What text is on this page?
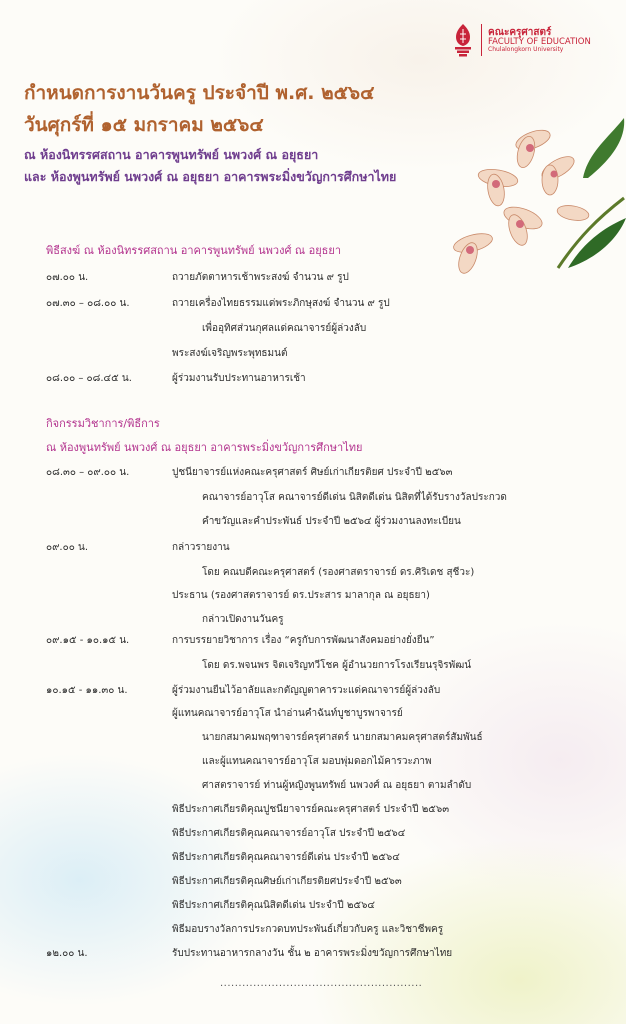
คณะครุศาสตร์
FACULTY OF EDUCATION
Chulalongkorn University
กำหนดการงานวันครู ประจำปี พ.ศ. ๒๕๖๔
วันศุกร์ที่ ๑๕ มกราคม ๒๕๖๔
ณ ห้องนิทรรศสถาน อาคารพูนทรัพย์ นพวงศ์ ณ อยุธยา
และ ห้องพูนทรัพย์ นพวงศ์ ณ อยุธยา อาคารพระมิ่งขวัญการศึกษาไทย
พิธีสงฆ์ ณ ห้องนิทรรศสถาน อาคารพูนทรัพย์ นพวงศ์ ณ อยุธยา
๐๗.๐๐ น.	ถวายภัตตาหารเช้าพระสงฆ์ จำนวน ๙ รูป
๐๗.๓๐ – ๐๘.๐๐ น.	ถวายเครื่องไทยธรรมแด่พระภิกษุสงฆ์ จำนวน ๙ รูป
เพื่ออุทิศส่วนกุศลแด่คณาจารย์ผู้ล่วงลับ
พระสงฆ์เจริญพระพุทธมนต์
๐๘.๐๐ – ๐๘.๔๕ น.	ผู้ร่วมงานรับประทานอาหารเช้า
กิจกรรมวิชาการ/พิธีการ
ณ ห้องพูนทรัพย์ นพวงศ์ ณ อยุธยา อาคารพระมิ่งขวัญการศึกษาไทย
๐๘.๓๐ – ๐๙.๐๐ น.	ปูชนียาจารย์แห่งคณะครุศาสตร์ ศิษย์เก่าเกียรติยศ ประจำปี ๒๕๖๓
คณาจารย์อาวุโส คณาจารย์ดีเด่น นิสิตดีเด่น นิสิตที่ได้รับรางวัลประกวด
คำขวัญและคำประพันธ์ ประจำปี ๒๕๖๔ ผู้ร่วมงานลงทะเบียน
๐๙.๐๐ น.	กล่าวรายงาน
โดย คณบดีคณะครุศาสตร์ (รองศาสตราจารย์ ดร.ศิริเดช สุชีวะ)
ประธาน (รองศาสตราจารย์ ดร.ประสาร มาลากุล ณ อยุธยา)
กล่าวเปิดงานวันครู
๐๙.๑๕ - ๑๐.๑๕ น.	การบรรยายวิชาการ เรื่อง “ครูกับการพัฒนาสังคมอย่างยั่งยืน”
โดย ดร.พจนพร จิตเจริญทวีโชค ผู้อำนวยการโรงเรียนรุจิรพัฒน์
๑๐.๑๕ - ๑๑.๓๐ น.	ผู้ร่วมงานยืนไว้อาลัยและกตัญญูตาคารวะแด่คณาจารย์ผู้ล่วงลับ
ผู้แทนคณาจารย์อาวุโส นำอ่านคำฉันท์บูชาบูรพาจารย์
นายกสมาคมพฤฑาจารย์ครุศาสตร์ นายกสมาคมครุศาสตร์สัมพันธ์
และผู้แทนคณาจารย์อาวุโส มอบพุ่มดอกไม้คารวะภาพ
ศาสตราจารย์ ท่านผู้หญิงพูนทรัพย์ นพวงศ์ ณ อยุธยา ตามลำดับ
พิธีประกาศเกียรติคุณปูชนียาจารย์คณะครุศาสตร์ ประจำปี ๒๕๖๓
พิธีประกาศเกียรติคุณคณาจารย์อาวุโส ประจำปี ๒๕๖๔
พิธีประกาศเกียรติคุณคณาจารย์ดีเด่น ประจำปี ๒๕๖๔
พิธีประกาศเกียรติคุณศิษย์เก่าเกียรติยศประจำปี ๒๕๖๓
พิธีประกาศเกียรติคุณนิสิตดีเด่น ประจำปี ๒๕๖๔
พิธีมอบรางวัลการประกวดบทประพันธ์เกี่ยวกับครู และวิชาชีพครู
๑๒.๐๐ น.	รับประทานอาหารกลางวัน ชั้น ๒ อาคารพระมิ่งขวัญการศึกษาไทย
.......................................................
